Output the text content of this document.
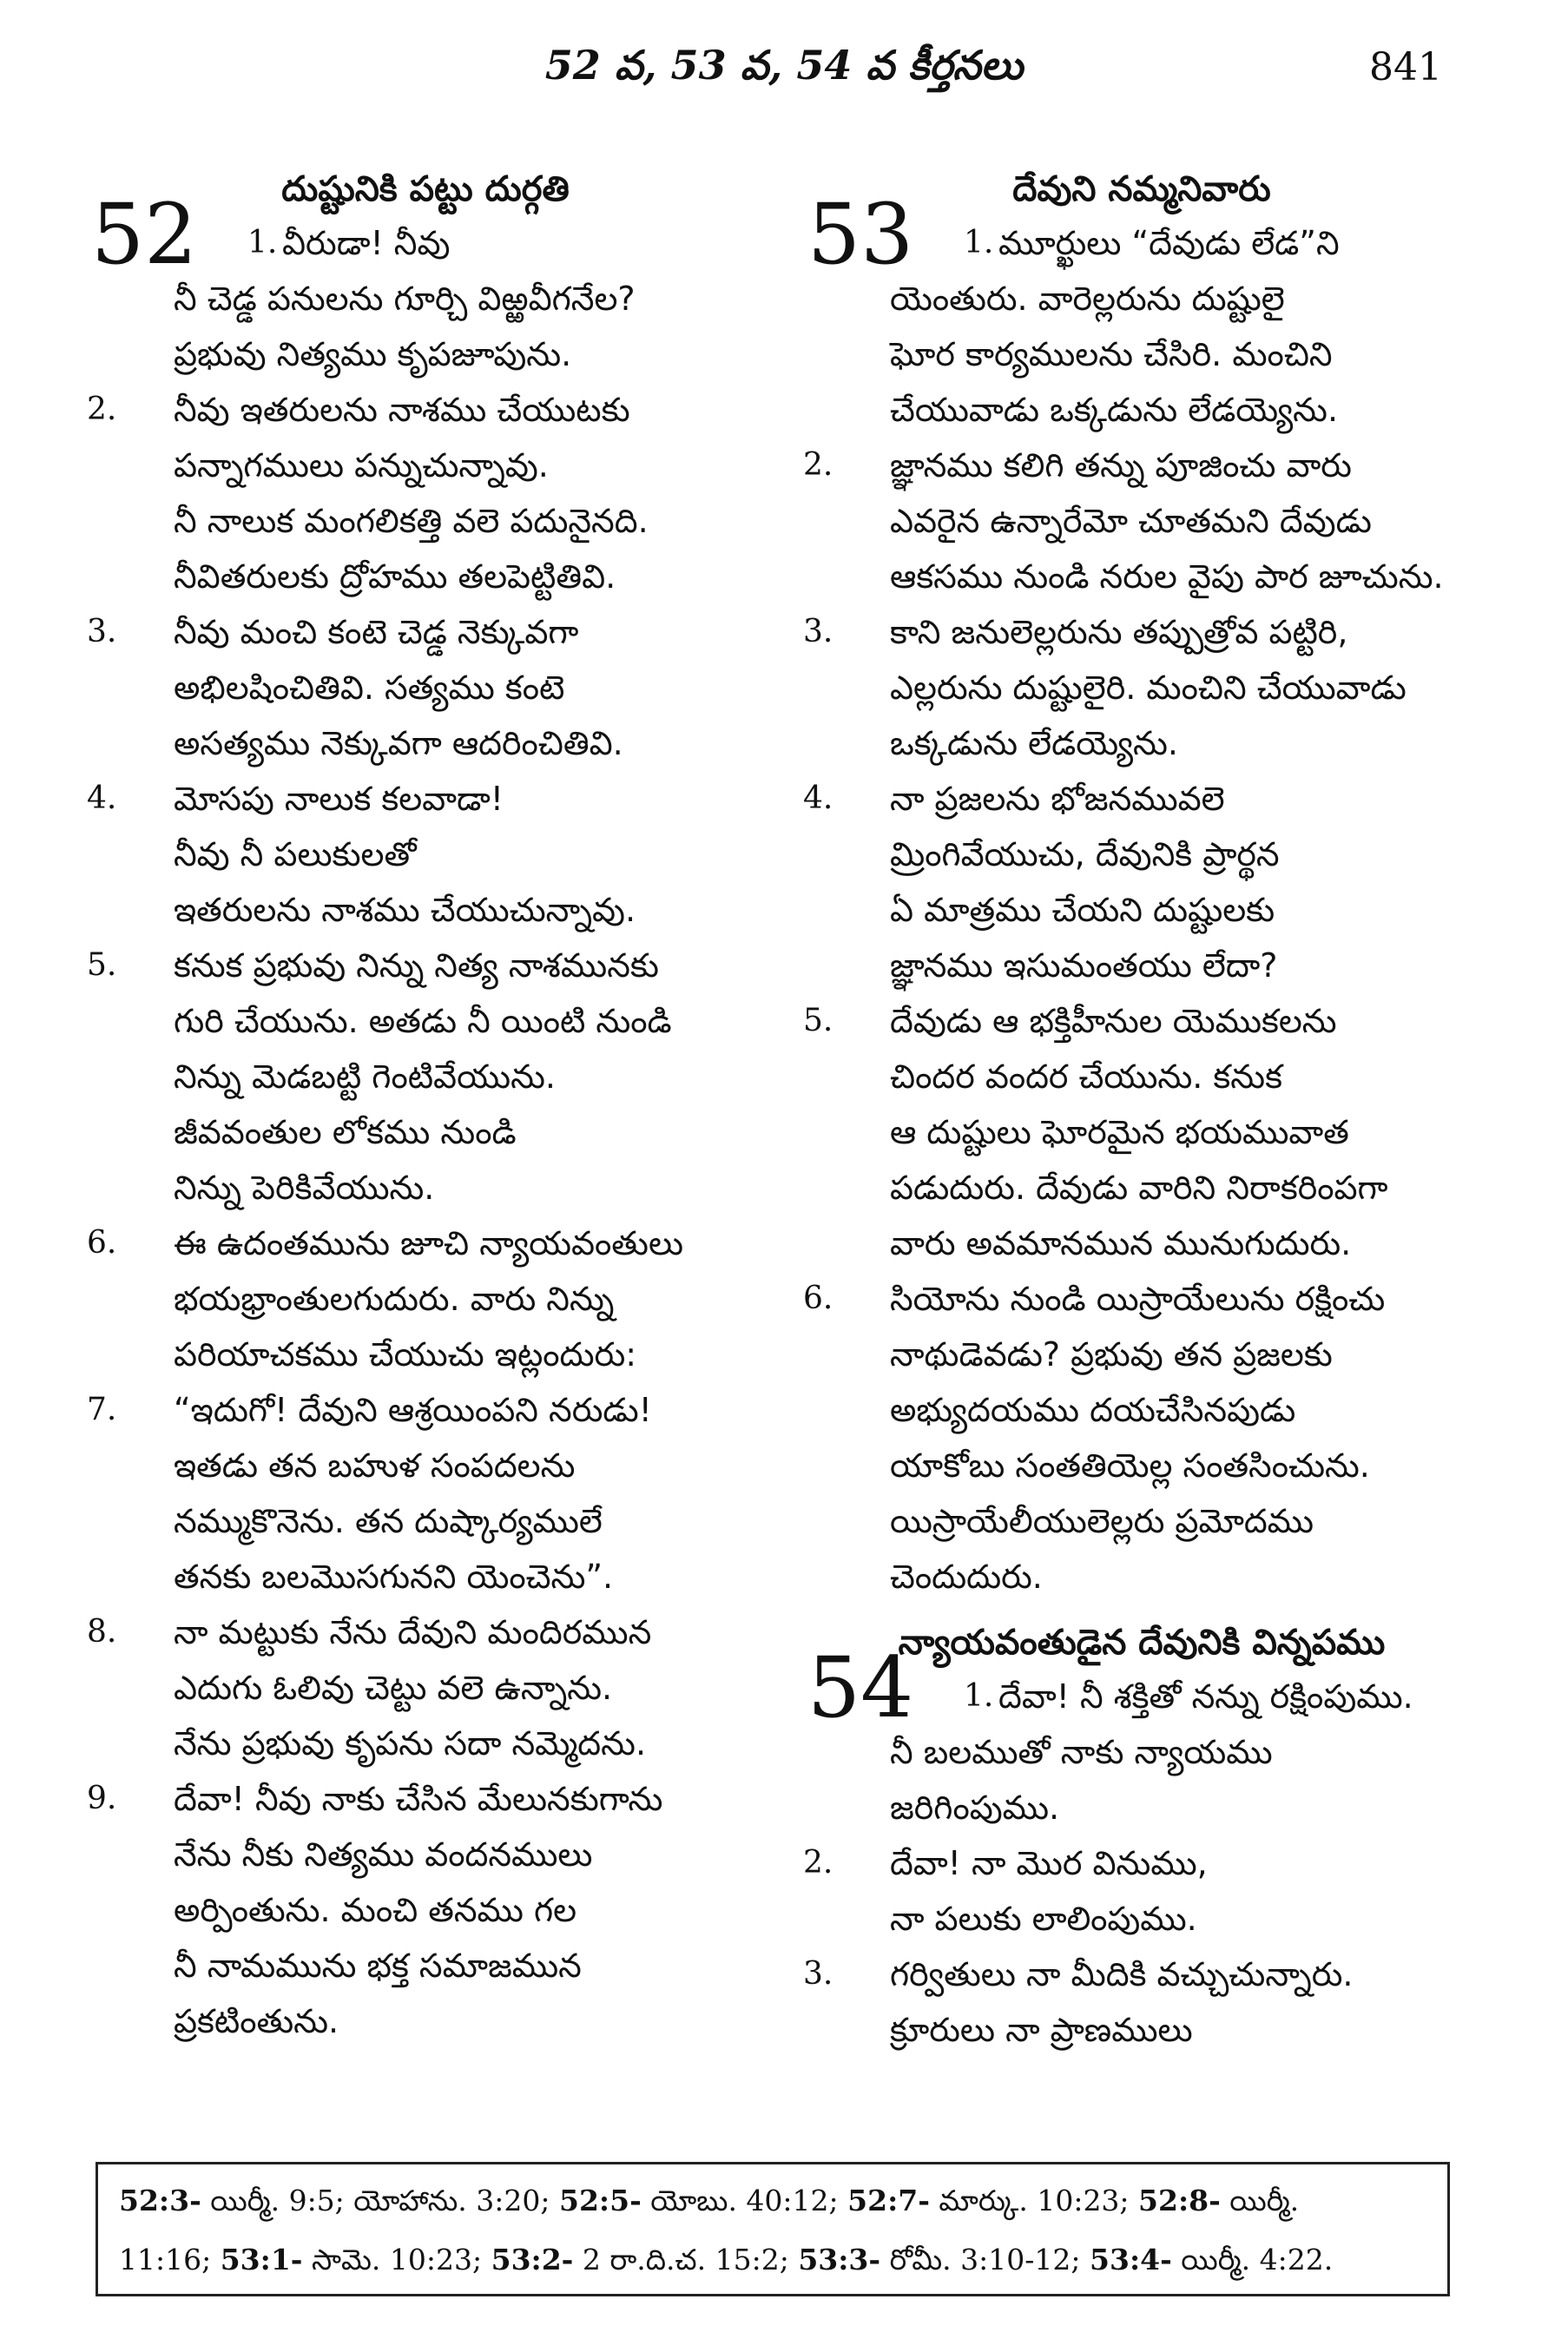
52 వ, 53 వ, 54 వ కీర్తనలు	841
దుష్టునికి పట్టు దుర్గతి
52 1. వీరుడా! నీవు
నీ చెడ్డ పనులను గూర్చి విఱ్ఱవీగనేల?
ప్రభువు నిత్యము కృపజూపును.
2.	నీవు ఇతరులను నాశము చేయుటకు
పన్నాగములు పన్నుచున్నావు.
నీ నాలుక మంగలికత్తి వలె పదునైనది.
నీవితరులకు ద్రోహము తలపెట్టితివి.
3.	నీవు మంచి కంటె చెడ్డ నెక్కువగా
అభిలషించితివి. సత్యము కంటె
అసత్యము నెక్కువగా ఆదరించితివి.
4.	మోసపు నాలుక కలవాడా!
నీవు నీ పలుకులతో
ఇతరులను నాశము చేయుచున్నావు.
5.	కనుక ప్రభువు నిన్ను నిత్య నాశమునకు
గురి చేయును. అతడు నీ యింటి నుండి
నిన్ను మెడబట్టి గెంటివేయును.
జీవవంతుల లోకము నుండి
నిన్ను పెరికివేయును.
6.	ఈ ఉదంతమును జూచి న్యాయవంతులు
భయభ్రాంతులగుదురు. వారు నిన్ను
పరియాచకము చేయుచు ఇట్లందురు:
7.	“ఇదుగో! దేవుని ఆశ్రయింపని నరుడు!
ఇతడు తన బహుళ సంపదలను
నమ్ముకొనెను. తన దుష్కార్యములే
తనకు బలమొసగునని యెంచెను”.
8.	నా మట్టుకు నేను దేవుని మందిరమున
ఎదుగు ఓలివు చెట్టు వలె ఉన్నాను.
నేను ప్రభువు కృపను సదా నమ్మెదను.
9.	దేవా! నీవు నాకు చేసిన మేలునకుగాను
నేను నీకు నిత్యము వందనములు
అర్పింతును. మంచి తనము గల
నీ నామమును భక్త సమాజమున
ప్రకటింతును.
దేవుని నమ్మనివారు
53 1. మూర్ఖులు “దేవుడు లేడ”ని
యెంతురు. వారెల్లరును దుష్టులై
ఘోర కార్యములను చేసిరి. మంచిని
చేయువాడు ఒక్కడును లేడయ్యెను.
2.	జ్ఞానము కలిగి తన్ను పూజించు వారు
ఎవరైన ఉన్నారేమో చూతమని దేవుడు
ఆకసము నుండి నరుల వైపు పార జూచును.
3.	కాని జనులెల్లరును తప్పుత్రోవ పట్టిరి,
ఎల్లరును దుష్టులైరి. మంచిని చేయువాడు
ఒక్కడును లేడయ్యెను.
4.	నా ప్రజలను భోజనమువలె
మ్రింగివేయుచు, దేవునికి ప్రార్థన
ఏ మాత్రము చేయని దుష్టులకు
జ్ఞానము ఇసుమంతయు లేదా?
5.	దేవుడు ఆ భక్తిహీనుల యెముకలను
చిందర వందర చేయును. కనుక
ఆ దుష్టులు ఘోరమైన భయమువాత
పడుదురు. దేవుడు వారిని నిరాకరింపగా
వారు అవమానమున మునుగుదురు.
6.	సియోను నుండి యిస్రాయేలును రక్షించు
నాథుడెవడు? ప్రభువు తన ప్రజలకు
అభ్యుదయము దయచేసినపుడు
యాకోబు సంతతియెల్ల సంతసించును.
యిస్రాయేలీయులెల్లరు ప్రమోదము
చెందుదురు.
న్యాయవంతుడైన దేవునికి విన్నపము
54 1. దేవా! నీ శక్తితో నన్ను రక్షింపుము.
నీ బలముతో నాకు న్యాయము
జరిగింపుము.
2.	దేవా! నా మొర వినుము,
నా పలుకు లాలింపుము.
3.	గర్వితులు నా మీదికి వచ్చుచున్నారు.
క్రూరులు నా ప్రాణములు
52:3- యిర్మీ. 9:5; యోహాను. 3:20; 52:5- యోబు. 40:12; 52:7- మార్కు. 10:23; 52:8- యిర్మీ.
11:16; 53:1- సామె. 10:23; 53:2- 2 రా.ది.చ. 15:2; 53:3- రోమీ. 3:10-12; 53:4- యిర్మీ. 4:22.
